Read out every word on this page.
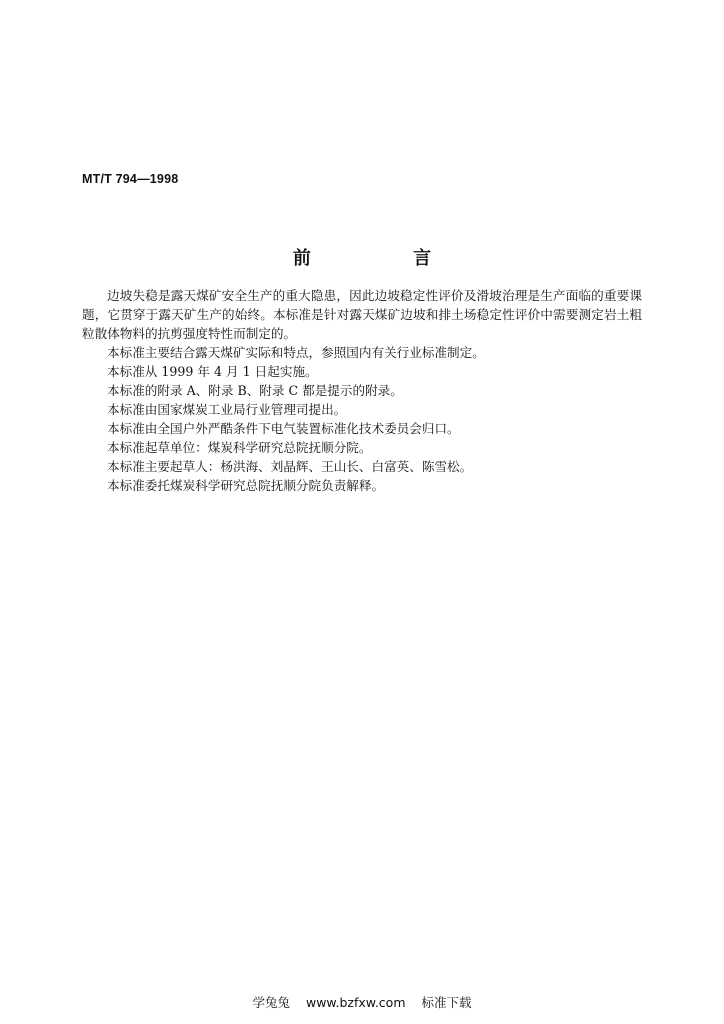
MT/T 794—1998
前 言

边坡失稳是露天煤矿安全生产的重大隐患，因此边坡稳定性评价及滑坡治理是生产面临的重要课题，它贯穿于露天矿生产的始终。本标准是针对露天煤矿边坡和排土场稳定性评价中需要测定岩土粗粒散体物料的抗剪强度特性而制定的。

本标准主要结合露天煤矿实际和特点，参照国内有关行业标准制定。

本标准从 1999 年 4 月 1 日起实施。

本标准的附录 A、附录 B、附录 C 都是提示的附录。

本标准由国家煤炭工业局行业管理司提出。

本标准由全国户外严酷条件下电气装置标准化技术委员会归口。

本标准起草单位：煤炭科学研究总院抚顺分院。

本标准主要起草人：杨洪海、刘晶辉、王山长、白富英、陈雪松。

本标准委托煤炭科学研究总院抚顺分院负责解释。

学兔兔 www.bzfxw.com 标准下载
